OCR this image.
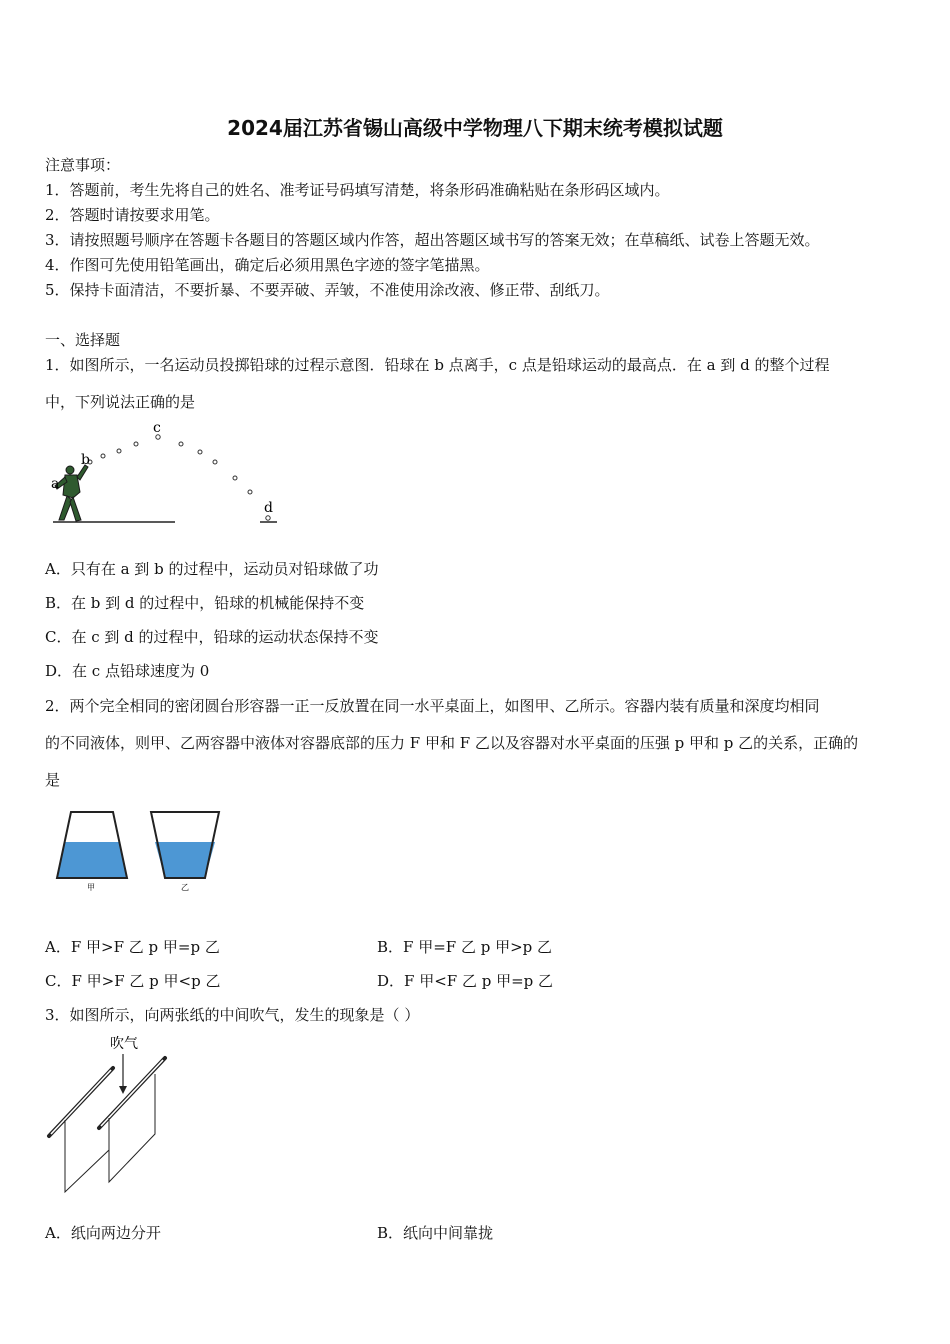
2024届江苏省锡山高级中学物理八下期末统考模拟试题
注意事项：
1．答题前，考生先将自己的姓名、准考证号码填写清楚，将条形码准确粘贴在条形码区域内。
2．答题时请按要求用笔。
3．请按照题号顺序在答题卡各题目的答题区域内作答，超出答题区域书写的答案无效；在草稿纸、试卷上答题无效。
4．作图可先使用铅笔画出，确定后必须用黑色字迹的签字笔描黑。
5．保持卡面清洁，不要折暴、不要弄破、弄皱，不准使用涂改液、修正带、刮纸刀。
一、选择题
1．如图所示，一名运动员投掷铅球的过程示意图．铅球在 b 点离手，c 点是铅球运动的最高点．在 a 到 d 的整个过程
中，下列说法正确的是
a
b
c
d
A．只有在 a 到 b 的过程中，运动员对铅球做了功
B．在 b 到 d 的过程中，铅球的机械能保持不变
C．在 c 到 d 的过程中，铅球的运动状态保持不变
D．在 c 点铅球速度为 0
2．两个完全相同的密闭圆台形容器一正一反放置在同一水平桌面上，如图甲、乙所示。容器内装有质量和深度均相同
的不同液体，则甲、乙两容器中液体对容器底部的压力 F 甲和 F 乙以及容器对水平桌面的压强 p 甲和 p 乙的关系，正确的
是
甲	乙
A．F 甲>F 乙 p 甲=p 乙	B．F 甲=F 乙 p 甲>p 乙
C．F 甲>F 乙 p 甲<p 乙	D．F 甲<F 乙 p 甲=p 乙
3．如图所示，向两张纸的中间吹气，发生的现象是（ ）
吹气
A．纸向两边分开	B．纸向中间靠拢
